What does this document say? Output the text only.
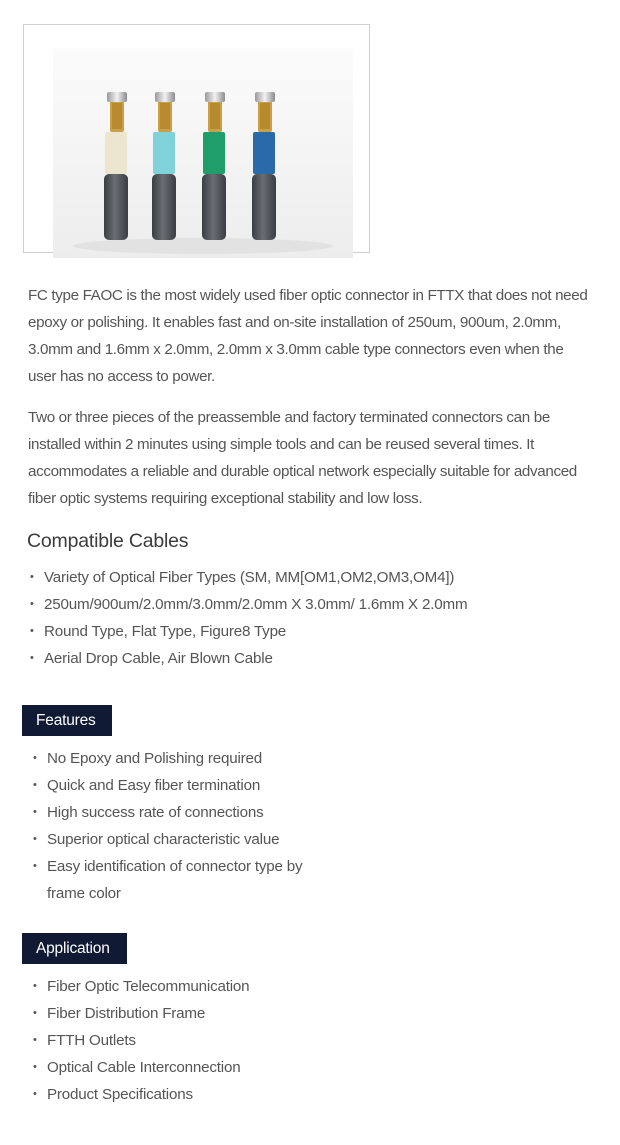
FC type FAOC is the most widely used fiber optic connector in FTTX that does not need epoxy or polishing. It enables fast and on-site installation of 250um, 900um, 2.0mm, 3.0mm and 1.6mm x 2.0mm, 2.0mm x 3.0mm cable type connectors even when the user has no access to power.

Two or three pieces of the preassemble and factory terminated connectors can be installed within 2 minutes using simple tools and can be reused several times. It accommodates a reliable and durable optical network especially suitable for advanced fiber optic systems requiring exceptional stability and low loss.

Compatible Cables
• Variety of Optical Fiber Types (SM, MM[OM1,OM2,OM3,OM4])
• 250um/900um/2.0mm/3.0mm/2.0mm X 3.0mm/ 1.6mm X 2.0mm
• Round Type, Flat Type, Figure8 Type
• Aerial Drop Cable, Air Blown Cable
Features
• No Epoxy and Polishing required
• Quick and Easy fiber termination
• High success rate of connections
• Superior optical characteristic value
• Easy identification of connector type by frame color
Application
• Fiber Optic Telecommunication
• Fiber Distribution Frame
• FTTH Outlets
• Optical Cable Interconnection
• Product Specifications
